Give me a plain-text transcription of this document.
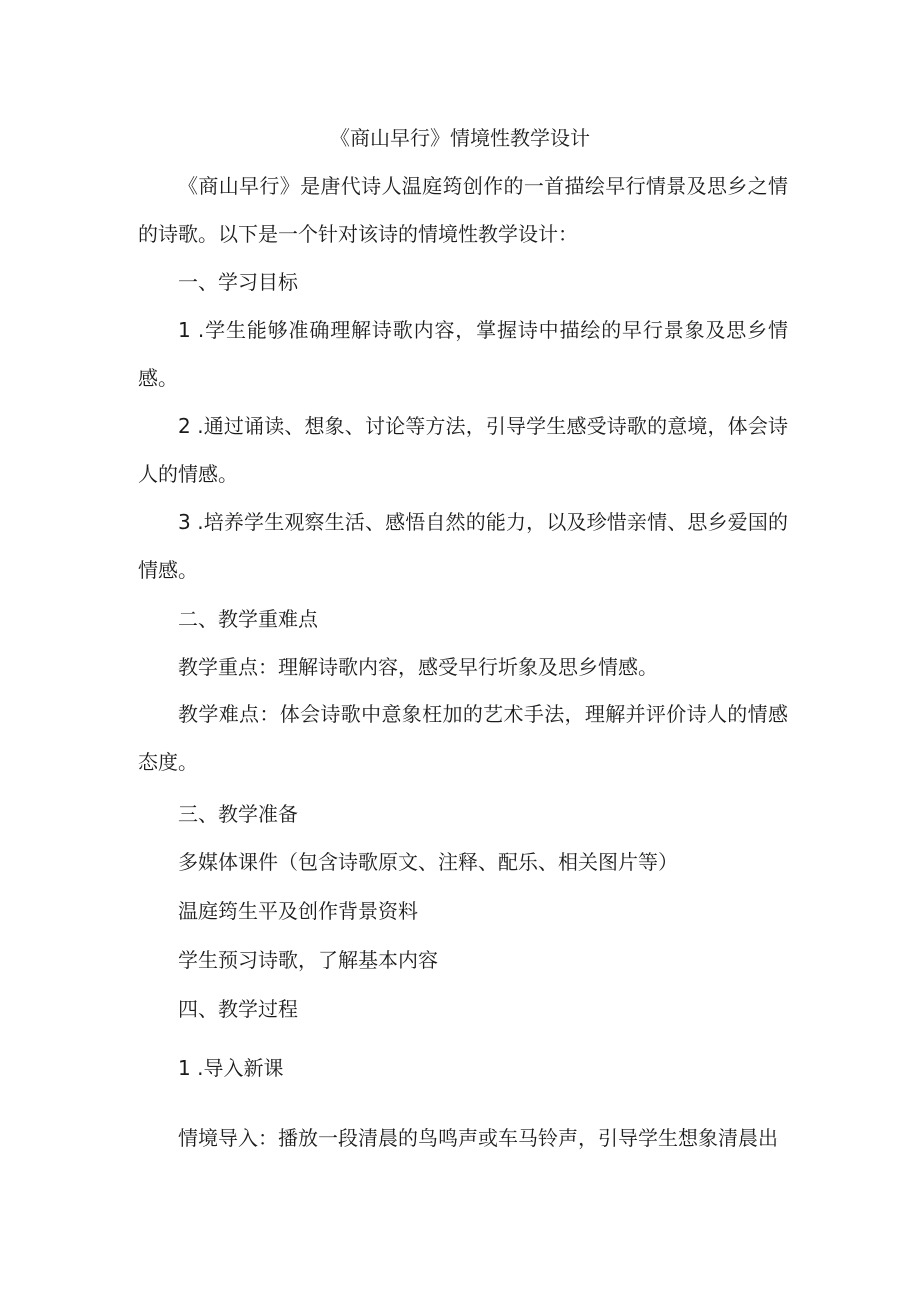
《商山早行》情境性教学设计

《商山早行》是唐代诗人温庭筠创作的一首描绘早行情景及思乡之情的诗歌。以下是一个针对该诗的情境性教学设计：

一、学习目标

1 .学生能够准确理解诗歌内容，掌握诗中描绘的早行景象及思乡情感。

2 .通过诵读、想象、讨论等方法，引导学生感受诗歌的意境，体会诗人的情感。

3 .培养学生观察生活、感悟自然的能力，以及珍惜亲情、思乡爱国的情感。

二、教学重难点
教学重点：理解诗歌内容，感受早行圻象及思乡情感。

教学难点：体会诗歌中意象枉加的艺术手法，理解并评价诗人的情感态度。

三、教学准备
多媒体课件（包含诗歌原文、注释、配乐、相关图片等）
温庭筠生平及创作背景资料
学生预习诗歌，了解基本内容
四、教学过程
1 .导入新课
情境导入：播放一段清晨的鸟鸣声或车马铃声，引导学生想象清晨出
